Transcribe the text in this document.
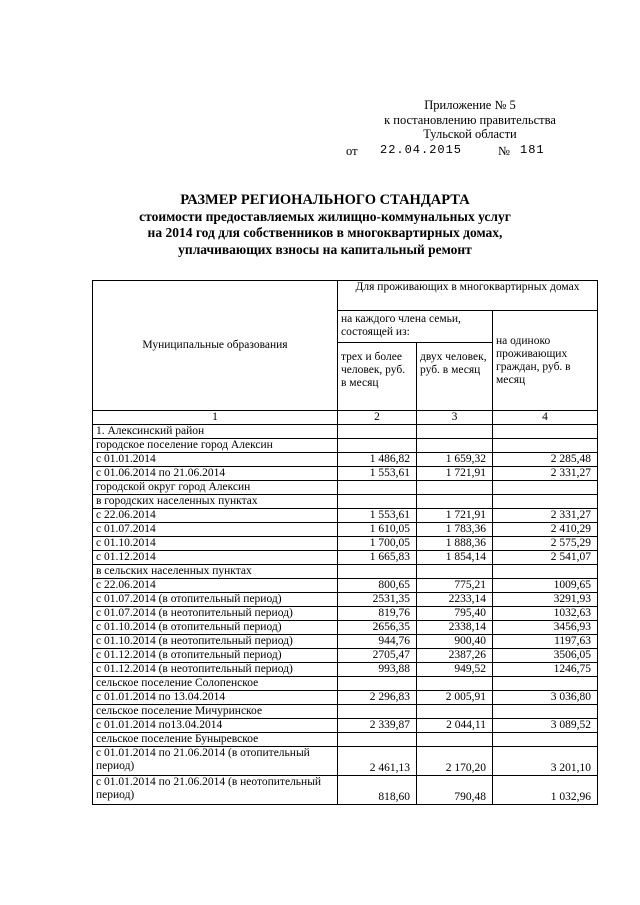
Приложение № 5
к постановлению правительства
Тульской области
от 22.04.2015	№ 181
РАЗМЕР РЕГИОНАЛЬНОГО СТАНДАРТА
стоимости предоставляемых жилищно-коммунальных услуг
на 2014 год для собственников в многоквартирных домах,
уплачивающих взносы на капитальный ремонт
Муниципальные образования	Для проживающих в многоквартирных домах		
	на каждого члена семьи, состоящей из:		на одиноко проживающих граждан, руб. в месяц
	трех и более человек, руб. в месяц	двух человек, руб. в месяц	
1	2	3	4
1. Алексинский район			
городское поселение город Алексин			
с 01.01.2014	1 486,82	1 659,32	2 285,48
с 01.06.2014 по 21.06.2014	1 553,61	1 721,91	2 331,27
городской округ город Алексин			
в городских населенных пунктах			
с 22.06.2014	1 553,61	1 721,91	2 331,27
с 01.07.2014	1 610,05	1 783,36	2 410,29
с 01.10.2014	1 700,05	1 888,36	2 575,29
с 01.12.2014	1 665,83	1 854,14	2 541,07
в сельских населенных пунктах			
с 22.06.2014	800,65	775,21	1009,65
с 01.07.2014 (в отопительный период)	2531,35	2233,14	3291,93
с 01.07.2014 (в неотопительный период)	819,76	795,40	1032,63
с 01.10.2014 (в отопительный период)	2656,35	2338,14	3456,93
с 01.10.2014 (в неотопительный период)	944,76	900,40	1197,63
с 01.12.2014 (в отопительный период)	2705,47	2387,26	3506,05
с 01.12.2014 (в неотопительный период)	993,88	949,52	1246,75
сельское поселение Солопенское			
с 01.01.2014 по 13.04.2014	2 296,83	2 005,91	3 036,80
сельское поселение Мичуринское			
с 01.01.2014 по13.04.2014	2 339,87	2 044,11	3 089,52
сельское поселение Буныревское			
с 01.01.2014 по 21.06.2014 (в отопительный период)	2 461,13	2 170,20	3 201,10
с 01.01.2014 по 21.06.2014 (в неотопительный период)	818,60	790,48	1 032,96
